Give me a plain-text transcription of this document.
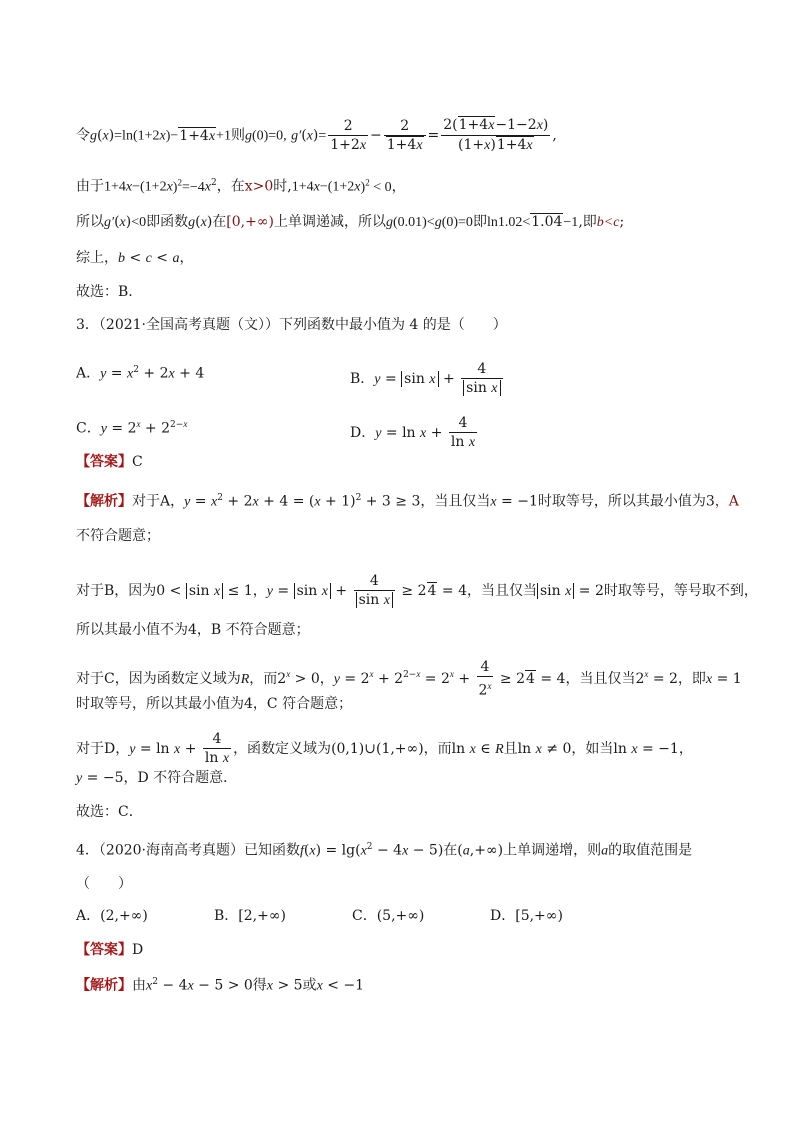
令g(x)=ln(1+2x)−1+4x+1则g(0)=0, $g'(x)= \frac{2}{1+2x} - \frac{2}{1+4x} = \frac{2(1+4x-1-2x)}{(1+x)1+4x}$ ,
由于$1+4x-(1+2x)^2=-4x^2$，在x>0时$,1+4x-(1+2x)^2 < 0$，
所以g′(x)<0即函数g(x)在[0,+∞)上单调递减，所以g(0.01)<g(0)=0即ln1.02<1.04−1,即b<c;
综上，b < c < a，
故选：B.
3．（2021·全国高考真题（文））下列函数中最小值为 4 的是（　　）
A．$y = x^2 + 2x + 4$	B．$y = \sin x + \frac{4}{\text{sin x}}$
C．$y = 2^x + 2^{2-x}$
D．$y = \ln x + \frac{4}{\text{ln x}}$
【答案】C
【解析】对于A，$y = x^2 + 2x + 4 = (x + 1)^2 + 3 \ge 3$，当且仅当x = −1时取等号，所以其最小值为3，A
不符合题意；
对于B，因为0 < sin x ≤ 1，$y = \sin x + \frac{4}{\text{sin x}} \ge 24 = 4$，当且仅当 sin x = 2时取等号，等号取不到，
所以其最小值不为4，B 不符合题意；
对于C，因为函数定义域为R，而$2^x > 0$，$y = 2^x + 2^{2-x} = 2^x + \frac{4}{2^x} \ge 24 = 4$，当且仅当$2^x = 2$，即x = 1
时取等号，所以其最小值为4，C 符合题意；
对于D，$y = \ln x + \frac{4}{\text{ln x}}$ ，函数定义域为(0,1)∪(1,+∞)，而ln x ∈ R且ln x ≠ 0，如当ln x = −1，
y = −5，D 不符合题意．
故选：C．
4．（2020·海南高考真题）已知函数$f(x) = \lg(x^2 - 4x - 5)$在(a,+∞)上单调递增，则a的取值范围是
（　　）
A．(2,+∞)	B．[2,+∞)	C．(5,+∞)	D．[5,+∞)
【答案】D
【解析】由$x^2 - 4x - 5 > 0$得x > 5或x < −1
